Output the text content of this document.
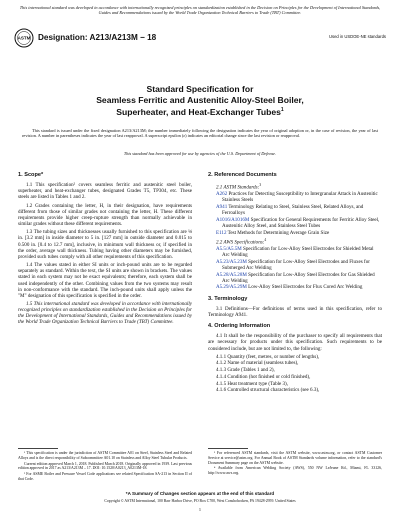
This international standard was developed in accordance with internationally recognized principles on standardization established in the Decision on Principles for the Development of International Standards, Guides and Recommendations issued by the World Trade Organization Technical Barriers to Trade (TBT) Committee.
ASTM Designation: A213/A213M − 18	Used in USDOE-NE standards
Standard Specification for
Seamless Ferritic and Austenitic Alloy-Steel Boiler,
Superheater, and Heat-Exchanger Tubes$^1$
This standard is issued under the fixed designation A213/A213M; the number immediately following the designation indicates the year of original adoption or, in the case of revision, the year of last revision. A number in parentheses indicates the year of last reapproval. A superscript epsilon (ε) indicates an editorial change since the last revision or reapproval.
This standard has been approved for use by agencies of the U.S. Department of Defense.
1. Scope*

1.1 This specification² covers seamless ferritic and austenitic steel boiler, superheater, and heat-exchanger tubes, designated Grades T5, TP304, etc. These steels are listed in Tables 1 and 2.

1.2 Grades containing the letter, H, in their designation, have requirements different from those of similar grades not containing the letter, H. These different requirements provide higher creep-rupture strength than normally achievable in similar grades without these different requirements.

1.3 The tubing sizes and thicknesses usually furnished to this specification are ⅛ in. [3.2 mm] in inside diameter to 5 in. [127 mm] in outside diameter and 0.015 to 0.500 in. [0.4 to 12.7 mm], inclusive, in minimum wall thickness or, if specified in the order, average wall thickness. Tubing having other diameters may be furnished, provided such tubes comply with all other requirements of this specification.

1.4 The values stated in either SI units or inch-pound units are to be regarded separately as standard. Within the text, the SI units are shown in brackets. The values stated in each system may not be exact equivalents; therefore, each system shall be used independently of the other. Combining values from the two systems may result in non-conformance with the standard. The inch-pound units shall apply unless the "M" designation of this specification is specified in the order.

1.5 This international standard was developed in accordance with internationally recognized principles on standardization established in the Decision on Principles for the Development of International Standards, Guides and Recommendations issued by the World Trade Organization Technical Barriers to Trade (TBT) Committee.

2. Referenced Documents
2.1 ASTM Standards:$^3$
A262 Practices for Detecting Susceptibility to Intergranular Attack in Austenitic Stainless Steels
A941 Terminology Relating to Steel, Stainless Steel, Related Alloys, and Ferroalloys
A1016/A1016M Specification for General Requirements for Ferritic Alloy Steel, Austenitic Alloy Steel, and Stainless Steel Tubes
E112 Test Methods for Determining Average Grain Size
2.2 AWS Specifications:$^4$
A5.5/A5.5M Specification for Low-Alloy Steel Electrodes for Shielded Metal Arc Welding
A5.23/A5.23M Specification for Low-Alloy Steel Electrodes and Fluxes for Submerged Arc Welding
A5.28/A5.28M Specification for Low-Alloy Steel Electrodes for Gas Shielded Arc Welding
A5.29/A5.29M Low-Alloy Steel Electrodes for Flux Cored Arc Welding
3. Terminology

3.1 Definitions—For definitions of terms used in this specification, refer to Terminology A941.

4. Ordering Information

4.1 It shall be the responsibility of the purchaser to specify all requirements that are necessary for products under this specification. Such requirements to be considered include, but are not limited to, the following:

4.1.1 Quantity (feet, metres, or number of lengths),
4.1.2 Name of material (seamless tubes),
4.1.3 Grade (Tables 1 and 2),
4.1.4 Condition (hot finished or cold finished),
4.1.5 Heat treatment type (Table 3),
4.1.6 Controlled structural characteristics (see 6.3),

¹ This specification is under the jurisdiction of ASTM Committee A01 on Steel, Stainless Steel and Related Alloys and is the direct responsibility of Subcommittee A01.10 on Stainless and Alloy Steel Tubular Products.

Current edition approved March 1, 2018. Published March 2018. Originally approved in 1939. Last previous edition approved in 2017 as A213/A213M – 17. DOI: 10.1520/A0213_A0213M-18.

² For ASME Boiler and Pressure Vessel Code applications see related Specification SA-213 in Section II of that Code.

³ For referenced ASTM standards, visit the ASTM website, www.astm.org, or contact ASTM Customer Service at service@astm.org. For Annual Book of ASTM Standards volume information, refer to the standard's Document Summary page on the ASTM website.

⁴ Available from American Welding Society (AWS), 550 NW LeJeune Rd., Miami, FL 33126, http://www.aws.org.

*A Summary of Changes section appears at the end of this standard
Copyright © ASTM International, 100 Barr Harbor Drive, PO Box C700, West Conshohocken, PA 19428-2959. United States
1
